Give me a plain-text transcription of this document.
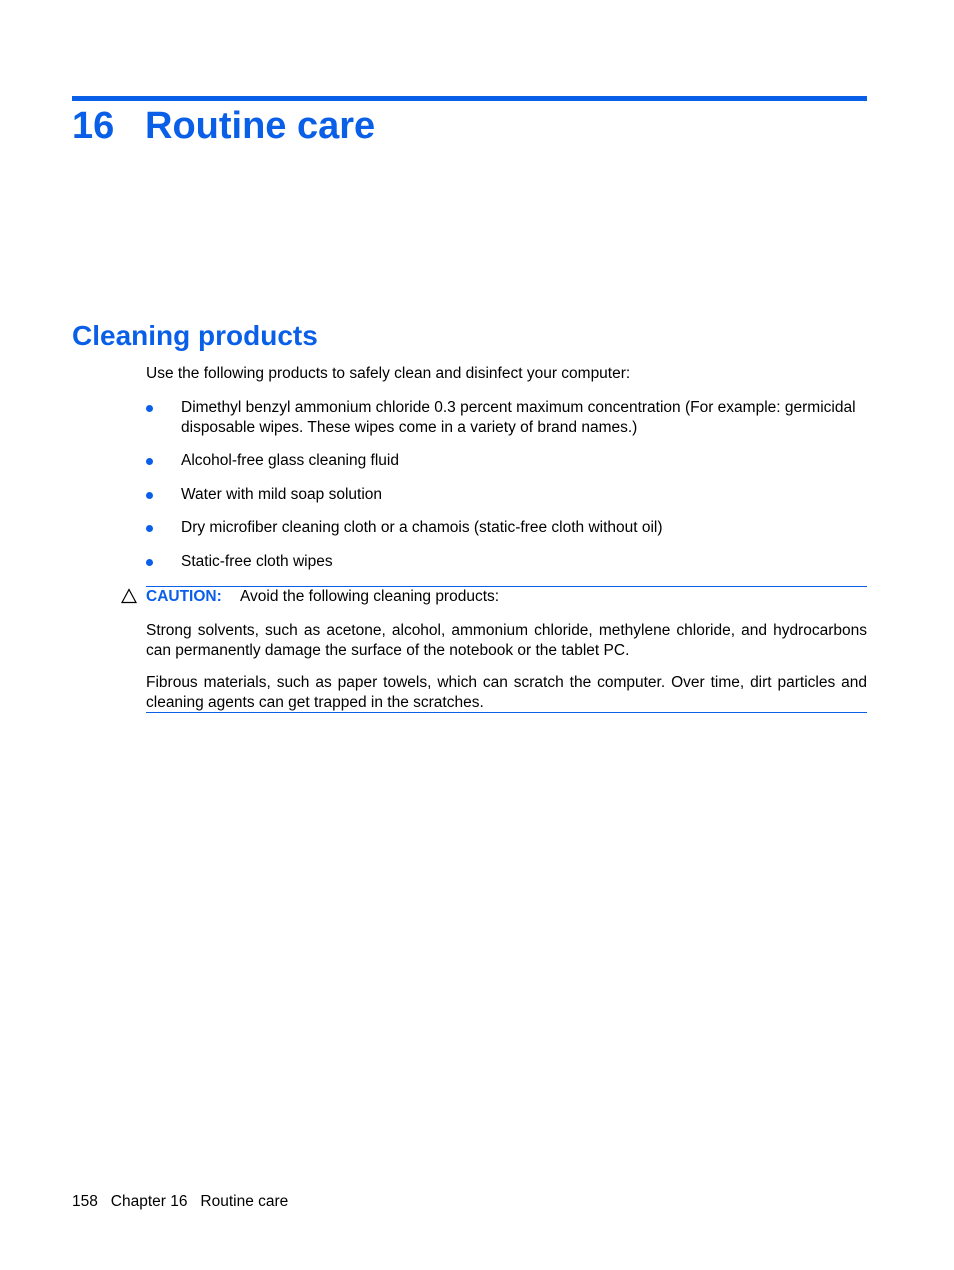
16 Routine care
Cleaning products

Use the following products to safely clean and disinfect your computer:

Dimethyl benzyl ammonium chloride 0.3 percent maximum concentration (For example: germicidal disposable wipes. These wipes come in a variety of brand names.)
Alcohol-free glass cleaning fluid
Water with mild soap solution
Dry microfiber cleaning cloth or a chamois (static-free cloth without oil)
Static-free cloth wipes
CAUTION: Avoid the following cleaning products:

Strong solvents, such as acetone, alcohol, ammonium chloride, methylene chloride, and hydrocarbons can permanently damage the surface of the notebook or the tablet PC.

Fibrous materials, such as paper towels, which can scratch the computer. Over time, dirt particles and cleaning agents can get trapped in the scratches.

158 Chapter 16 Routine care
